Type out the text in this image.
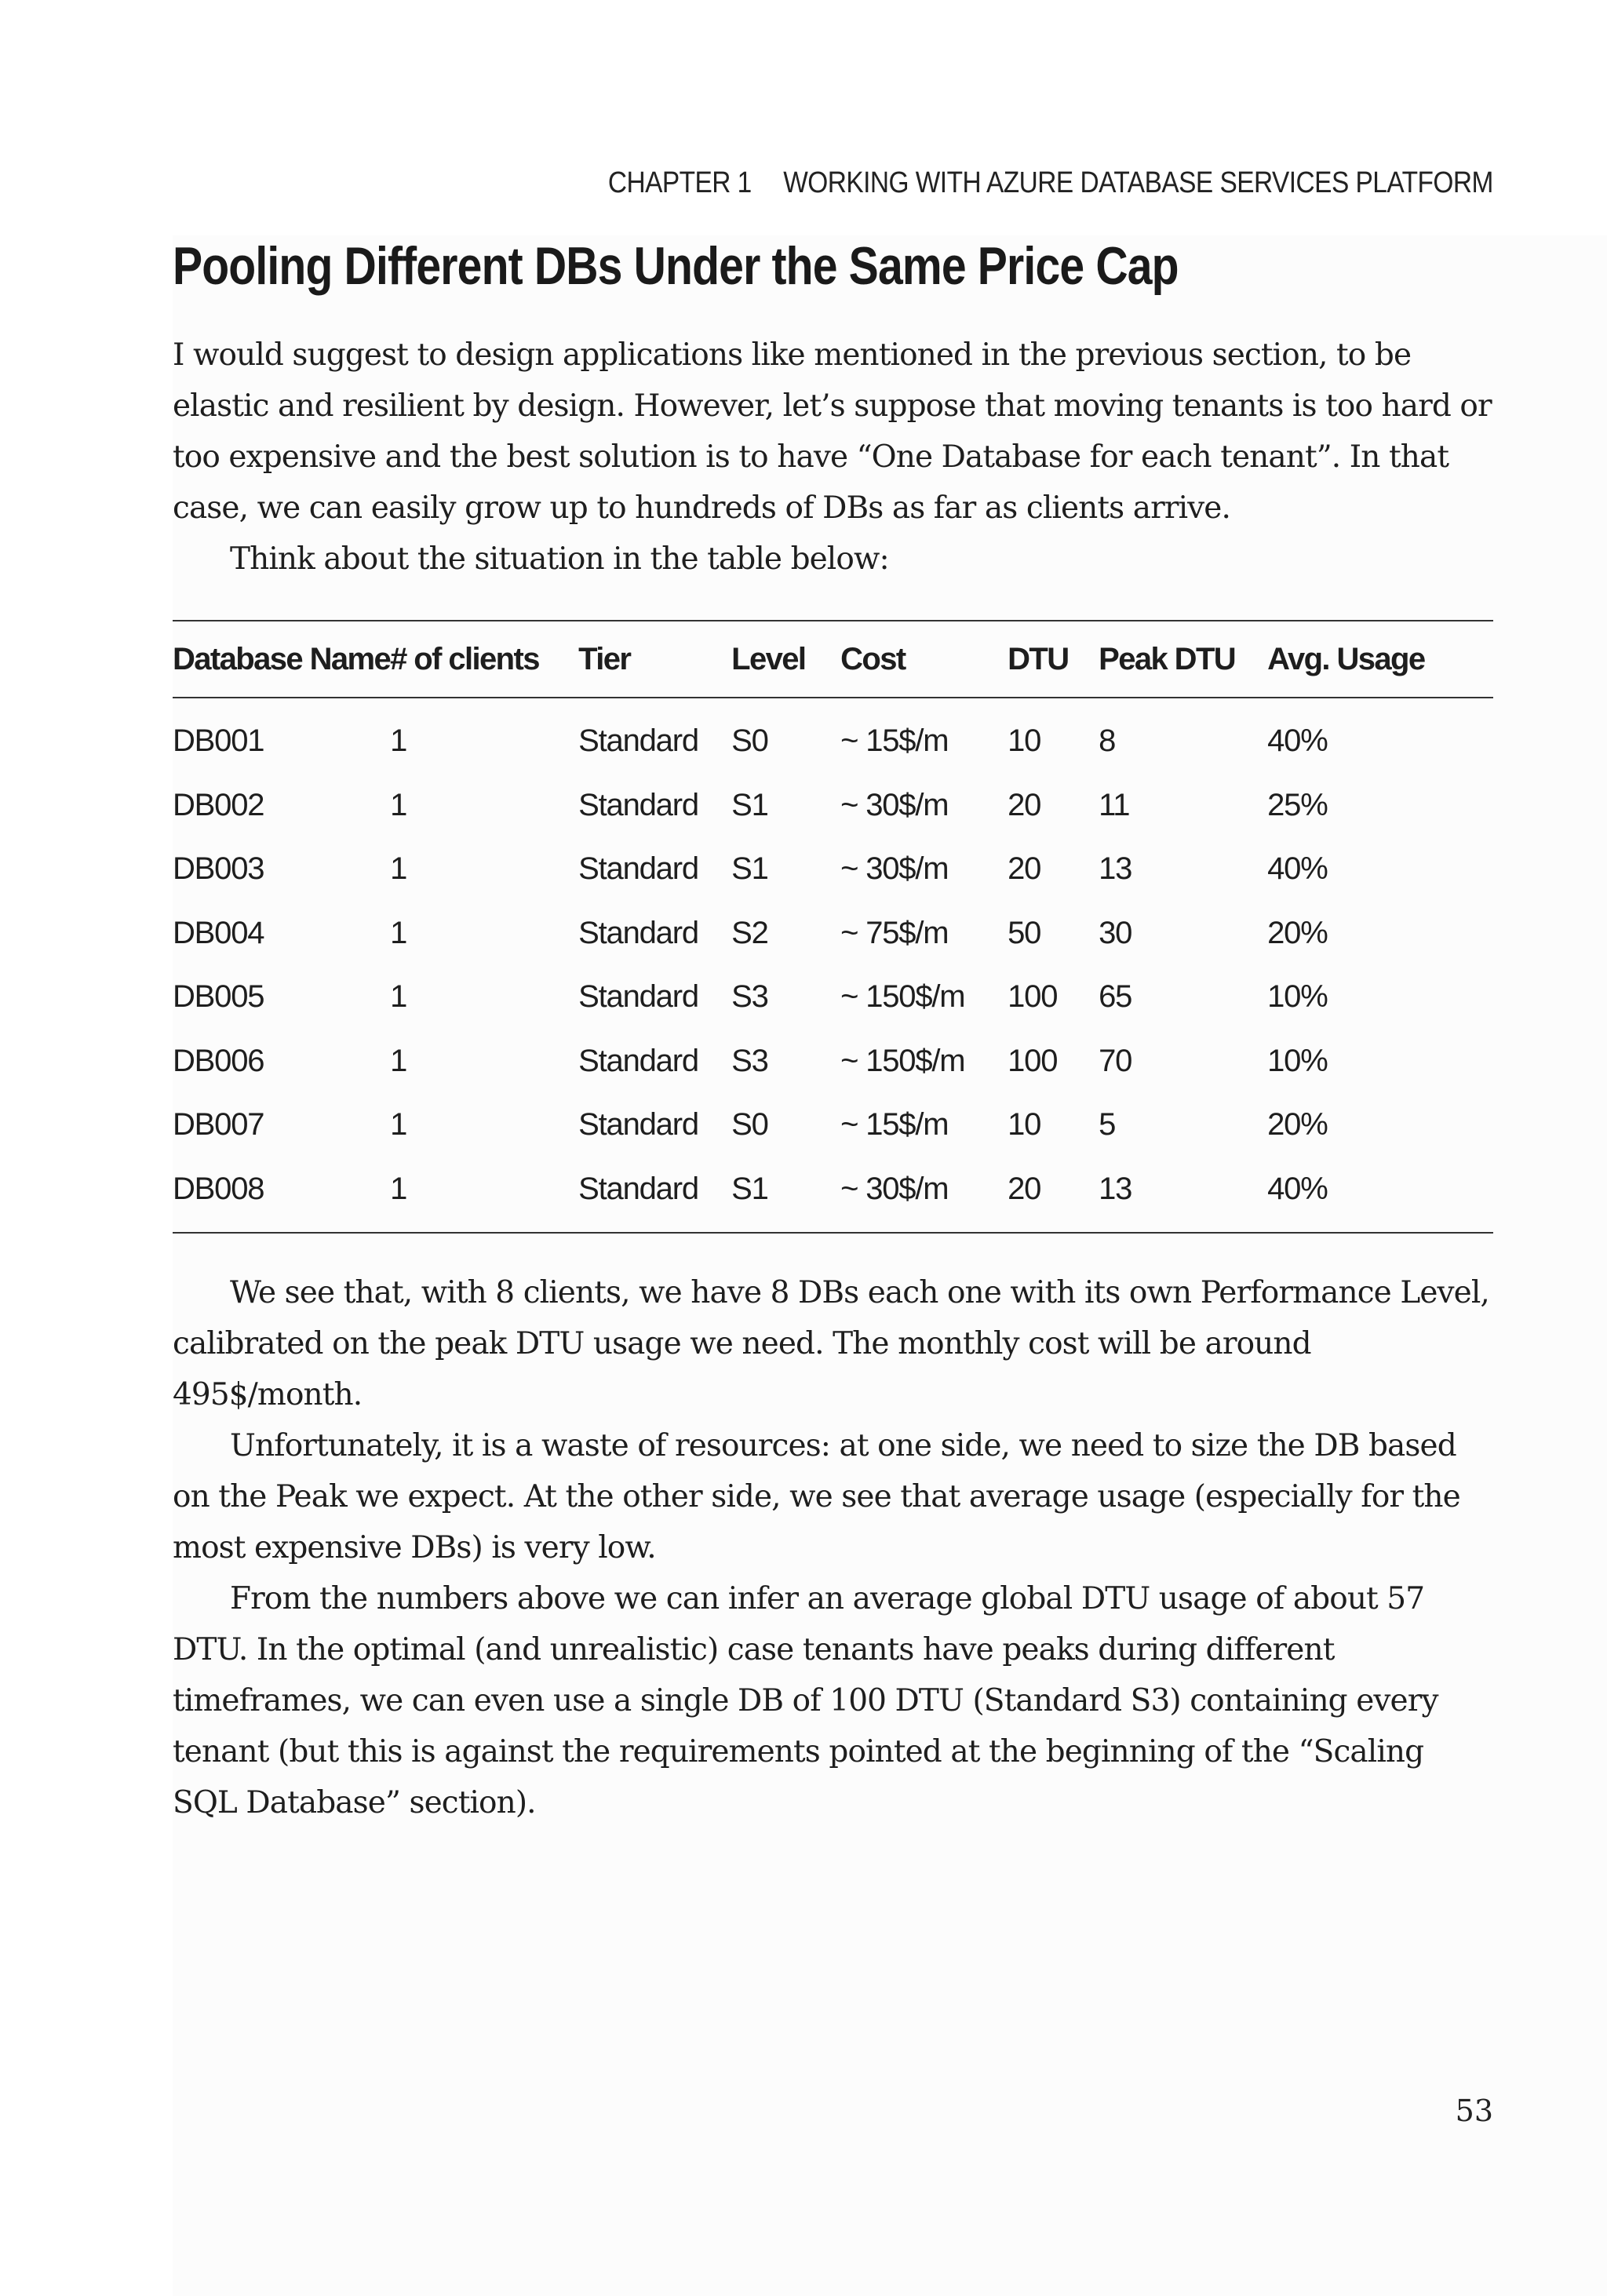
CHAPTER 1 WORKING WITH AZURE DATABASE SERVICES PLATFORM
Pooling Different DBs Under the Same Price Cap

I would suggest to design applications like mentioned in the previous section, to be elastic and resilient by design. However, let’s suppose that moving tenants is too hard or too expensive and the best solution is to have “One Database for each tenant”. In that case, we can easily grow up to hundreds of DBs as far as clients arrive.

Think about the situation in the table below:

Database Name	# of clients	Tier	Level	Cost	DTU	Peak DTU	Avg. Usage
DB001	1	Standard	S0	~ 15$/m	10	8	40%
DB002	1	Standard	S1	~ 30$/m	20	11	25%
DB003	1	Standard	S1	~ 30$/m	20	13	40%
DB004	1	Standard	S2	~ 75$/m	50	30	20%
DB005	1	Standard	S3	~ 150$/m	100	65	10%
DB006	1	Standard	S3	~ 150$/m	100	70	10%
DB007	1	Standard	S0	~ 15$/m	10	5	20%
DB008	1	Standard	S1	~ 30$/m	20	13	40%

We see that, with 8 clients, we have 8 DBs each one with its own Performance Level, calibrated on the peak DTU usage we need. The monthly cost will be around 495$/month.

Unfortunately, it is a waste of resources: at one side, we need to size the DB based on the Peak we expect. At the other side, we see that average usage (especially for the most expensive DBs) is very low.

From the numbers above we can infer an average global DTU usage of about 57 DTU. In the optimal (and unrealistic) case tenants have peaks during different timeframes, we can even use a single DB of 100 DTU (Standard S3) containing every tenant (but this is against the requirements pointed at the beginning of the “Scaling SQL Database” section).

53
